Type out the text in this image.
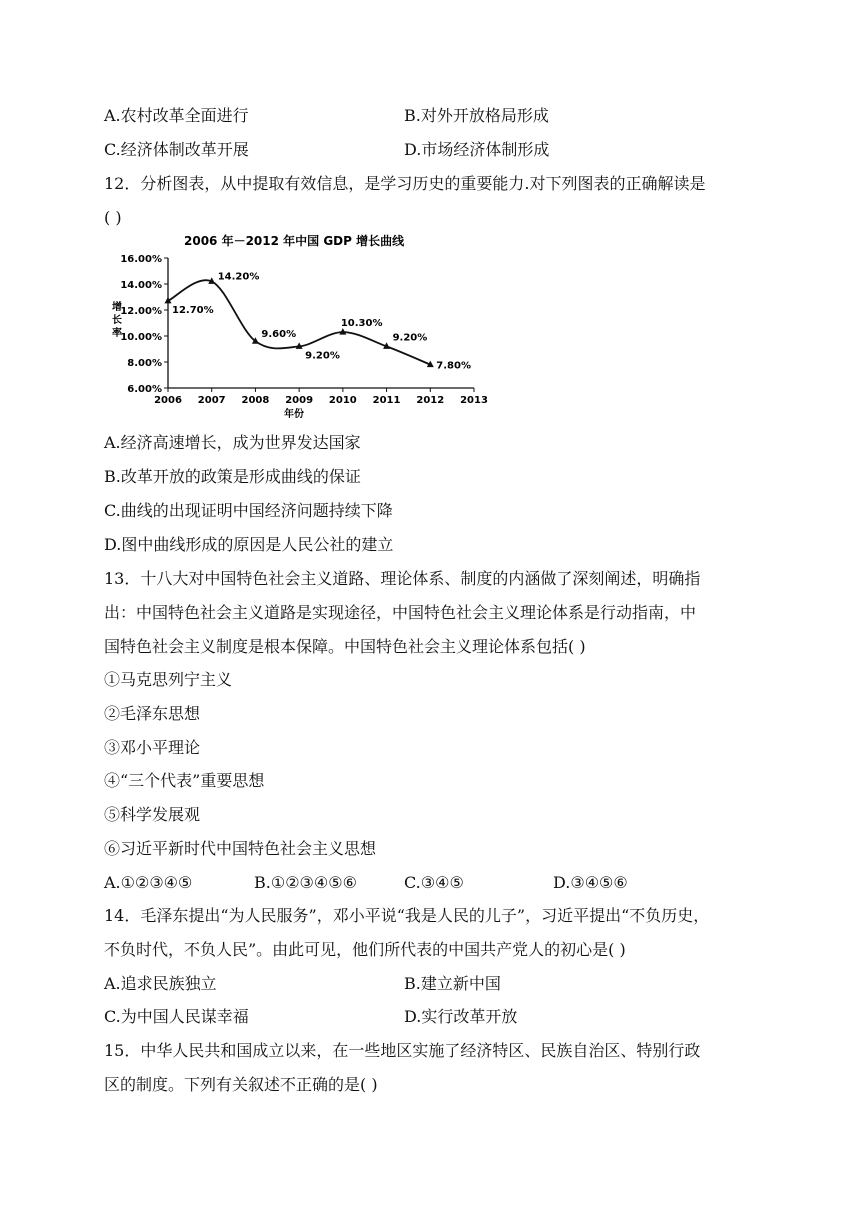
A.农村改革全面进行	B.对外开放格局形成
C.经济体制改革开展	D.市场经济体制形成
12．分析图表，从中提取有效信息，是学习历史的重要能力.对下列图表的正确解读是
( )
2006 年－2012 年中国 GDP 增长曲线
年份
增长率
6.00%
8.00%
10.00%
12.00%
14.00%
16.00%
2006 2007 2008 2009 2010 2011 2012 2013
12.70%
14.20%
9.60%
9.20%
10.30%
9.20%
7.80%
A.经济高速增长，成为世界发达国家
B.改革开放的政策是形成曲线的保证
C.曲线的出现证明中国经济问题持续下降
D.图中曲线形成的原因是人民公社的建立
13．十八大对中国特色社会主义道路、理论体系、制度的内涵做了深刻阐述，明确指
出：中国特色社会主义道路是实现途径，中国特色社会主义理论体系是行动指南，中
国特色社会主义制度是根本保障。中国特色社会主义理论体系包括( )
①马克思列宁主义
②毛泽东思想
③邓小平理论
④“三个代表”重要思想
⑤科学发展观
⑥习近平新时代中国特色社会主义思想
A.①②③④⑤	B.①②③④⑤⑥	C.③④⑤	D.③④⑤⑥
14．毛泽东提出“为人民服务”，邓小平说“我是人民的儿子”，习近平提出“不负历史，
不负时代，不负人民”。由此可见，他们所代表的中国共产党人的初心是( )
A.追求民族独立	B.建立新中国
C.为中国人民谋幸福	D.实行改革开放
15．中华人民共和国成立以来，在一些地区实施了经济特区、民族自治区、特别行政
区的制度。下列有关叙述不正确的是( )
